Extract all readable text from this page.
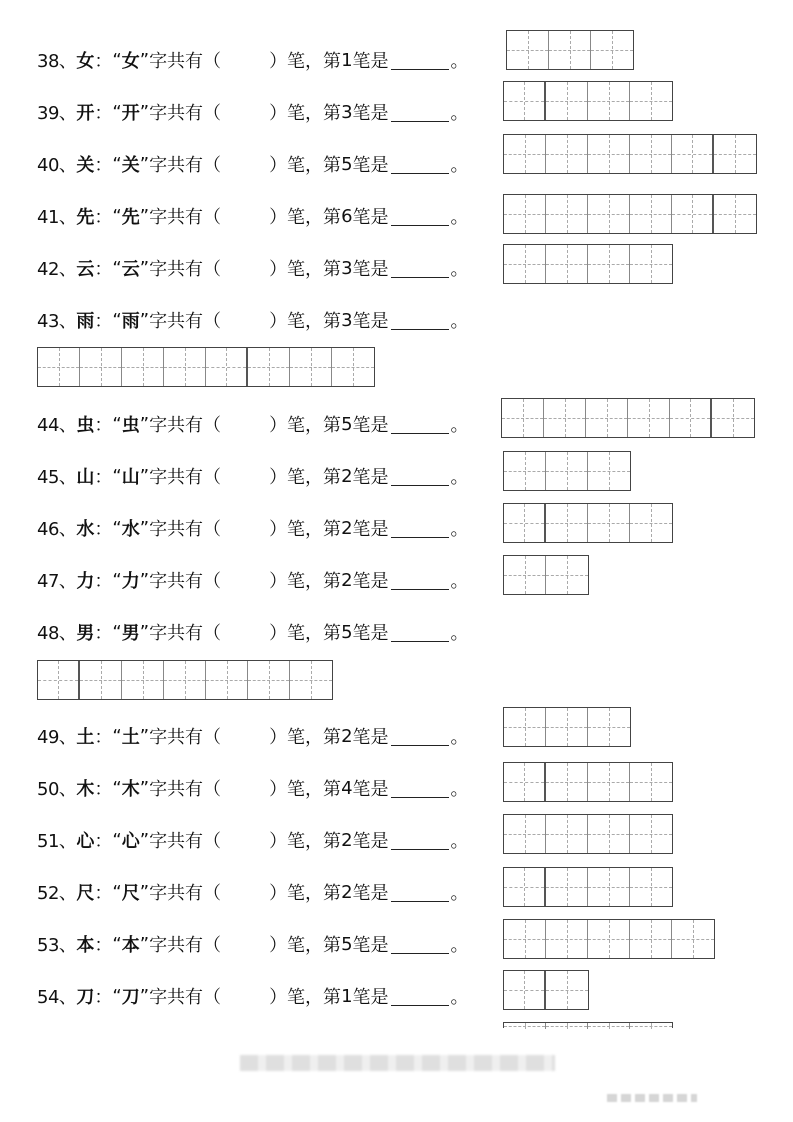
38、 女 ： “ 女 ” 字共有（	）笔，第 1 笔是	。
39、 开 ： “ 开 ” 字共有（	）笔，第 3 笔是	。
40、 关 ： “ 关 ” 字共有（	）笔，第 5 笔是	。
41、 先 ： “ 先 ” 字共有（	）笔，第 6 笔是	。
42、 云 ： “ 云 ” 字共有（	）笔，第 3 笔是	。
43、 雨 ： “ 雨 ” 字共有（	）笔，第 3 笔是	。
44、 虫 ： “ 虫 ” 字共有（	）笔，第 5 笔是	。
45、 山 ： “ 山 ” 字共有（	）笔，第 2 笔是	。
46、 水 ： “ 水 ” 字共有（	）笔，第 2 笔是	。
47、 力 ： “ 力 ” 字共有（	）笔，第 2 笔是	。
48、 男 ： “ 男 ” 字共有（	）笔，第 5 笔是	。
49、 土 ： “ 土 ” 字共有（	）笔，第 2 笔是	。
50、 木 ： “ 木 ” 字共有（	）笔，第 4 笔是	。
51、 心 ： “ 心 ” 字共有（	）笔，第 2 笔是	。
52、 尺 ： “ 尺 ” 字共有（	）笔，第 2 笔是	。
53、 本 ： “ 本 ” 字共有（	）笔，第 5 笔是	。
54、 刀 ： “ 刀 ” 字共有（	）笔，第 1 笔是	。
